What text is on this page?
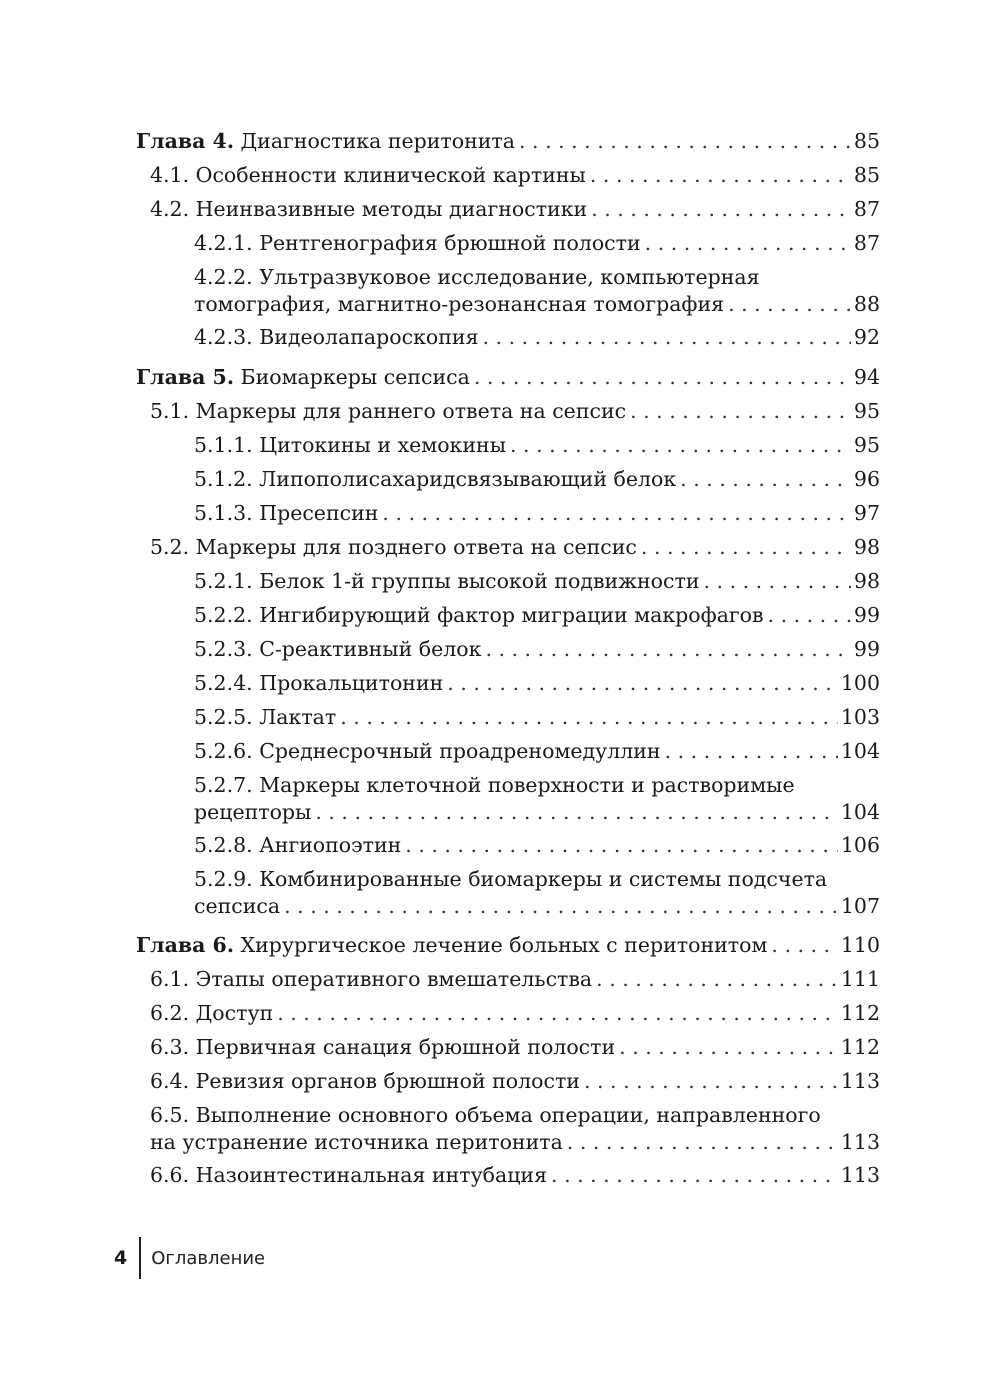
Глава 4. Диагностика перитонита . . .	85
4.1. Особенности клинической картины . . .	85
4.2. Неинвазивные методы диагностики . . .	87
4.2.1. Рентгенография брюшной полости . . .	87
4.2.2. Ультразвуковое исследование, компьютерная
томография, магнитно-резонансная томография . . .	88
4.2.3. Видеолапароскопия . . .	92
Глава 5. Биомаркеры сепсиса . . .	94
5.1. Маркеры для раннего ответа на сепсис . . .	95
5.1.1. Цитокины и хемокины . . .	95
5.1.2. Липополисахаридсвязывающий белок . . .	96
5.1.3. Пресепсин . . .	97
5.2. Маркеры для позднего ответа на сепсис . . .	98
5.2.1. Белок 1-й группы высокой подвижности . . .	98
5.2.2. Ингибирующий фактор миграции макрофагов . . .	99
5.2.3. С-реактивный белок . . .	99
5.2.4. Прокальцитонин . . .	100
5.2.5. Лактат . . .	103
5.2.6. Среднесрочный проадреномедуллин . . .	104
5.2.7. Маркеры клеточной поверхности и растворимые
рецепторы . . .	104
5.2.8. Ангиопоэтин . . .	106
5.2.9. Комбинированные биомаркеры и системы подсчета
сепсиса . . .	107
Глава 6. Хирургическое лечение больных с перитонитом . . .	110
6.1. Этапы оперативного вмешательства . . .	111
6.2. Доступ . . .	112
6.3. Первичная санация брюшной полости . . .	112
6.4. Ревизия органов брюшной полости . . .	113
6.5. Выполнение основного объема операции, направленного
на устранение источника перитонита . . .	113
6.6. Назоинтестинальная интубация . . .	113
4	Оглавление
